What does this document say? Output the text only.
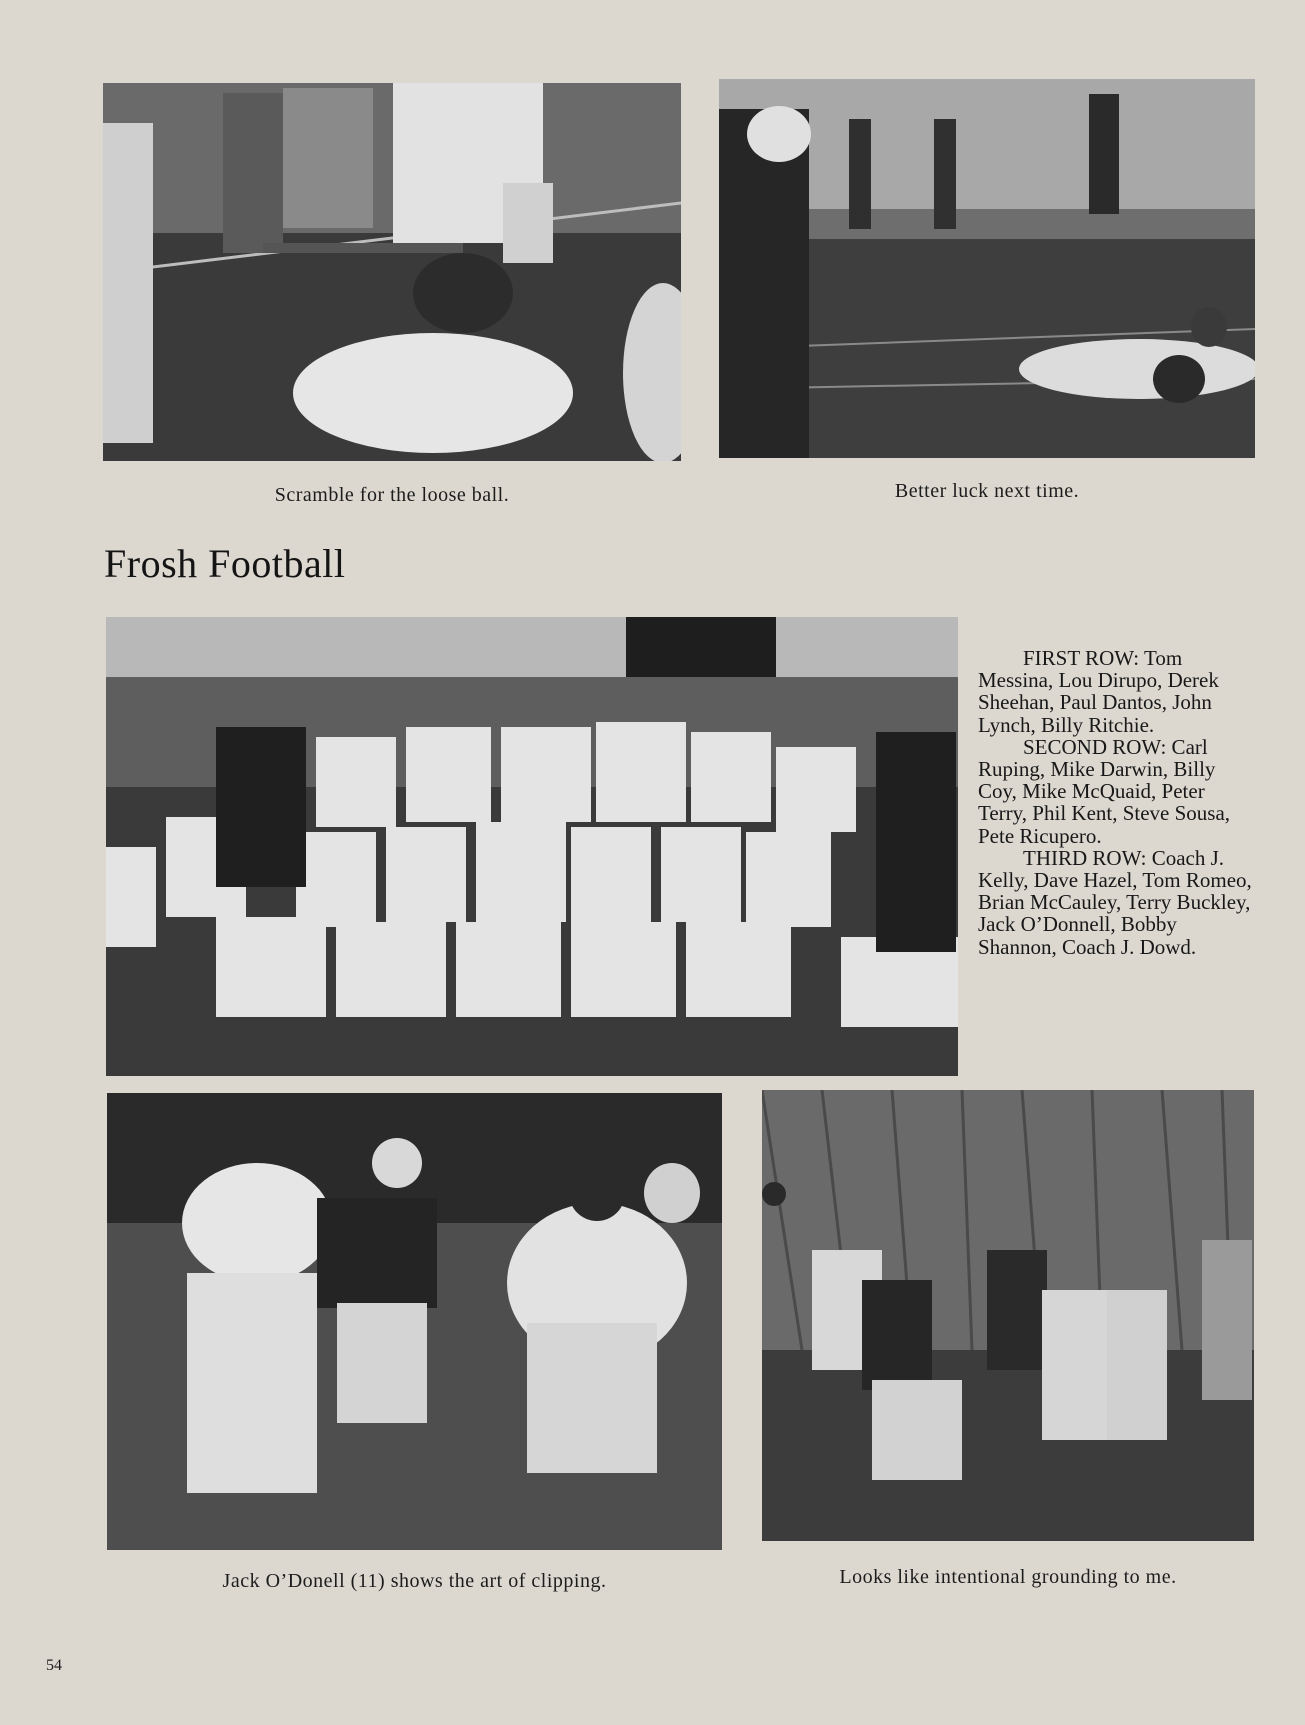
Scramble for the loose ball.	Better luck next time.
Frosh Football

FIRST ROW: Tom Messina, Lou Dirupo, Derek Sheehan, Paul Dantos, John Lynch, Billy Ritchie.

SECOND ROW: Carl Ruping, Mike Darwin, Billy Coy, Mike McQuaid, Peter Terry, Phil Kent, Steve Sousa, Pete Ricupero.

THIRD ROW: Coach J. Kelly, Dave Hazel, Tom Romeo, Brian McCauley, Terry Buckley, Jack O’Donnell, Bobby Shannon, Coach J. Dowd.

Jack O’Donell (11) shows the art of clipping.	Looks like intentional grounding to me.
54
